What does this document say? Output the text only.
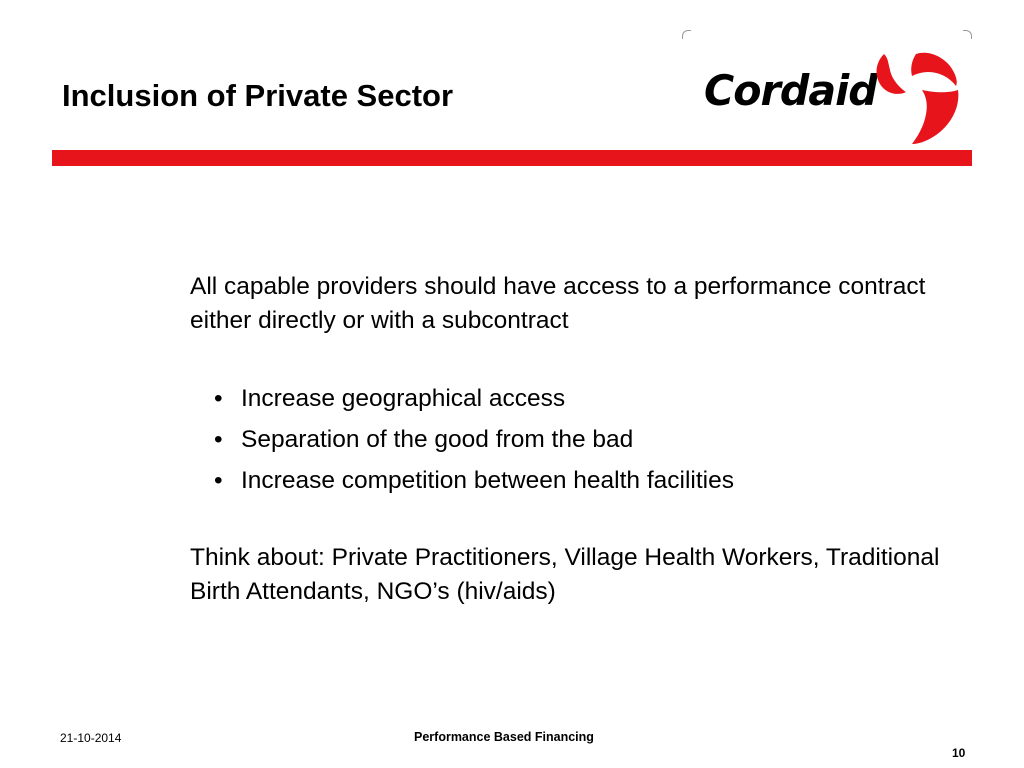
Inclusion of Private Sector	Cordaid

All capable providers should have access to a performance contract either directly or with a subcontract

• Increase geographical access
• Separation of the good from the bad
• Increase competition between health facilities

Think about: Private Practitioners, Village Health Workers, Traditional Birth Attendants, NGO’s (hiv/aids)

21-10-2014	Performance Based Financing
10
